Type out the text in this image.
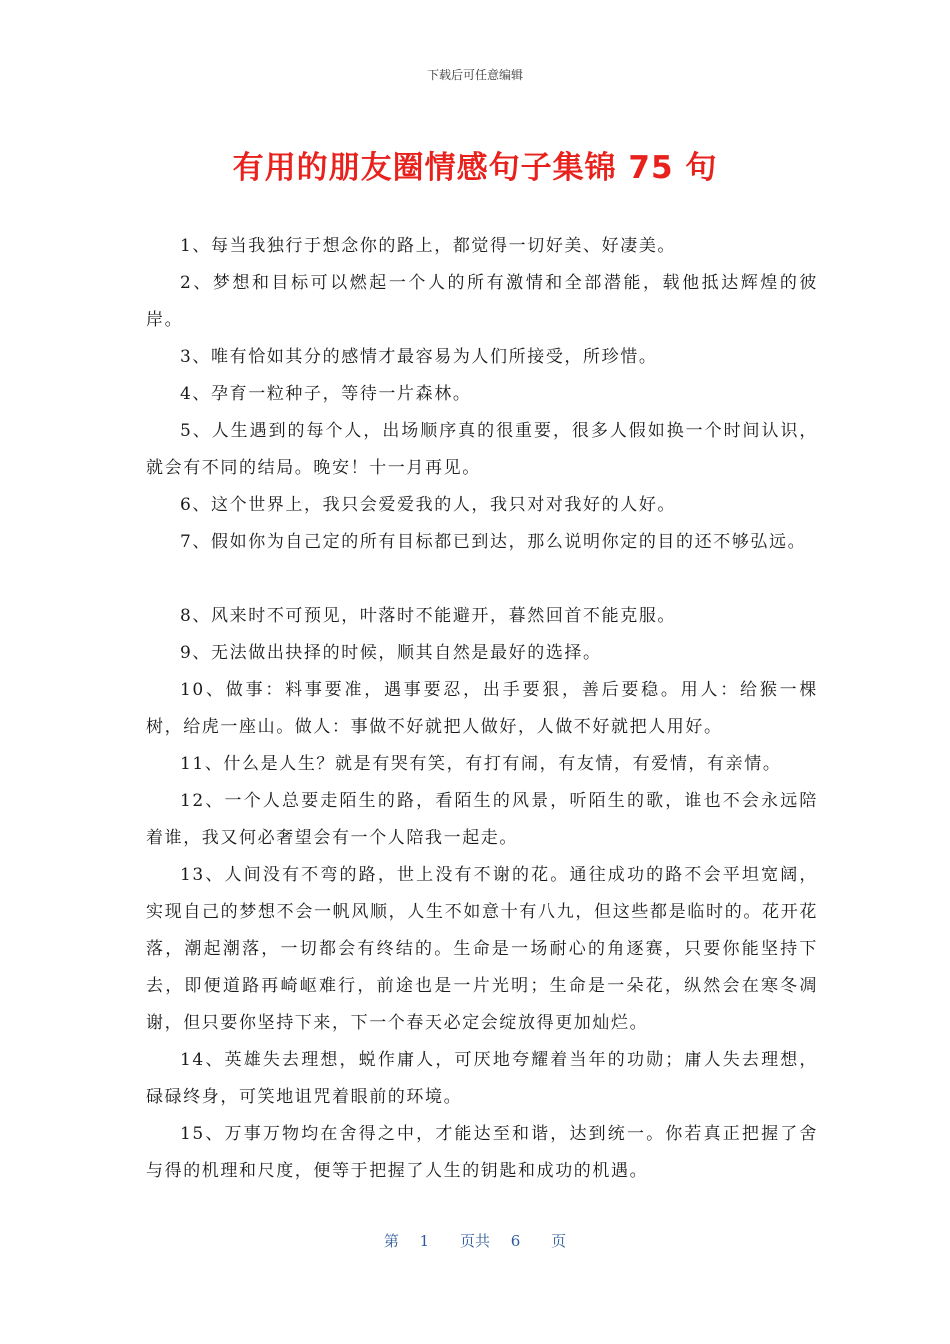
下载后可任意编辑
有用的朋友圈情感句子集锦 75 句

1、每当我独行于想念你的路上，都觉得一切好美、好凄美。

2、梦想和目标可以燃起一个人的所有激情和全部潜能，载他抵达辉煌的彼岸。

3、唯有恰如其分的感情才最容易为人们所接受，所珍惜。

4、孕育一粒种子，等待一片森林。

5、人生遇到的每个人，出场顺序真的很重要，很多人假如换一个时间认识，就会有不同的结局。晚安！十一月再见。

6、这个世界上，我只会爱爱我的人，我只对对我好的人好。

7、假如你为自己定的所有目标都已到达，那么说明你定的目的还不够弘远。

8、风来时不可预见，叶落时不能避开，暮然回首不能克服。

9、无法做出抉择的时候，顺其自然是最好的选择。

10、做事：料事要准，遇事要忍，出手要狠，善后要稳。用人：给猴一棵树，给虎一座山。做人：事做不好就把人做好，人做不好就把人用好。

11、什么是人生？就是有哭有笑，有打有闹，有友情，有爱情，有亲情。

12、一个人总要走陌生的路，看陌生的风景，听陌生的歌，谁也不会永远陪着谁，我又何必奢望会有一个人陪我一起走。

13、人间没有不弯的路，世上没有不谢的花。通往成功的路不会平坦宽阔，实现自己的梦想不会一帆风顺，人生不如意十有八九，但这些都是临时的。花开花落，潮起潮落，一切都会有终结的。生命是一场耐心的角逐赛，只要你能坚持下去，即便道路再崎岖难行，前途也是一片光明；生命是一朵花，纵然会在寒冬凋谢，但只要你坚持下来，下一个春天必定会绽放得更加灿烂。

14、英雄失去理想，蜕作庸人，可厌地夸耀着当年的功勋；庸人失去理想，碌碌终身，可笑地诅咒着眼前的环境。

15、万事万物均在舍得之中，才能达至和谐，达到统一。你若真正把握了舍与得的机理和尺度，便等于把握了人生的钥匙和成功的机遇。

第 1 页共 6 页
